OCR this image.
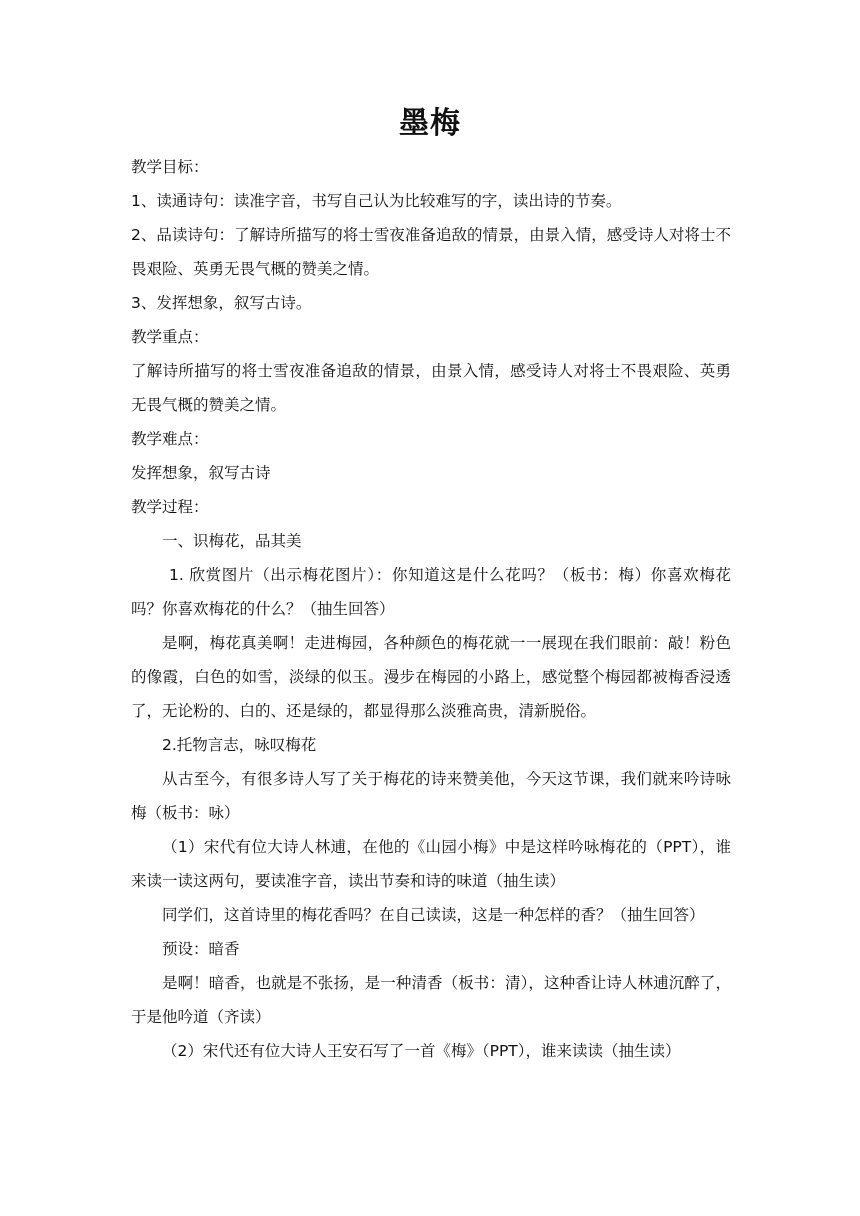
墨梅

教学目标：

1、读通诗句：读准字音，书写自己认为比较难写的字，读出诗的节奏。

2、品读诗句：了解诗所描写的将士雪夜准备追敌的情景，由景入情，感受诗人对将士不畏艰险、英勇无畏气概的赞美之情。

3、发挥想象，叙写古诗。

教学重点：

了解诗所描写的将士雪夜准备追敌的情景，由景入情，感受诗人对将士不畏艰险、英勇无畏气概的赞美之情。

教学难点：

发挥想象，叙写古诗

教学过程：

一、识梅花，品其美

1. 欣赏图片（出示梅花图片）：你知道这是什么花吗？（板书：梅）你喜欢梅花吗？你喜欢梅花的什么？（抽生回答）

是啊，梅花真美啊！走进梅园，各种颜色的梅花就一一展现在我们眼前：敲！粉色的像霞，白色的如雪，淡绿的似玉。漫步在梅园的小路上，感觉整个梅园都被梅香浸透了，无论粉的、白的、还是绿的，都显得那么淡雅高贵，清新脱俗。

2.托物言志，咏叹梅花

从古至今，有很多诗人写了关于梅花的诗来赞美他，今天这节课，我们就来吟诗咏梅（板书：咏）

（1）宋代有位大诗人林逋，在他的《山园小梅》中是这样吟咏梅花的（PPT），谁来读一读这两句，要读准字音，读出节奏和诗的味道（抽生读）

同学们，这首诗里的梅花香吗？在自己读读，这是一种怎样的香？（抽生回答）

预设：暗香

是啊！暗香，也就是不张扬，是一种清香（板书：清），这种香让诗人林逋沉醉了，于是他吟道（齐读）

（2）宋代还有位大诗人王安石写了一首《梅》（PPT），谁来读读（抽生读）
